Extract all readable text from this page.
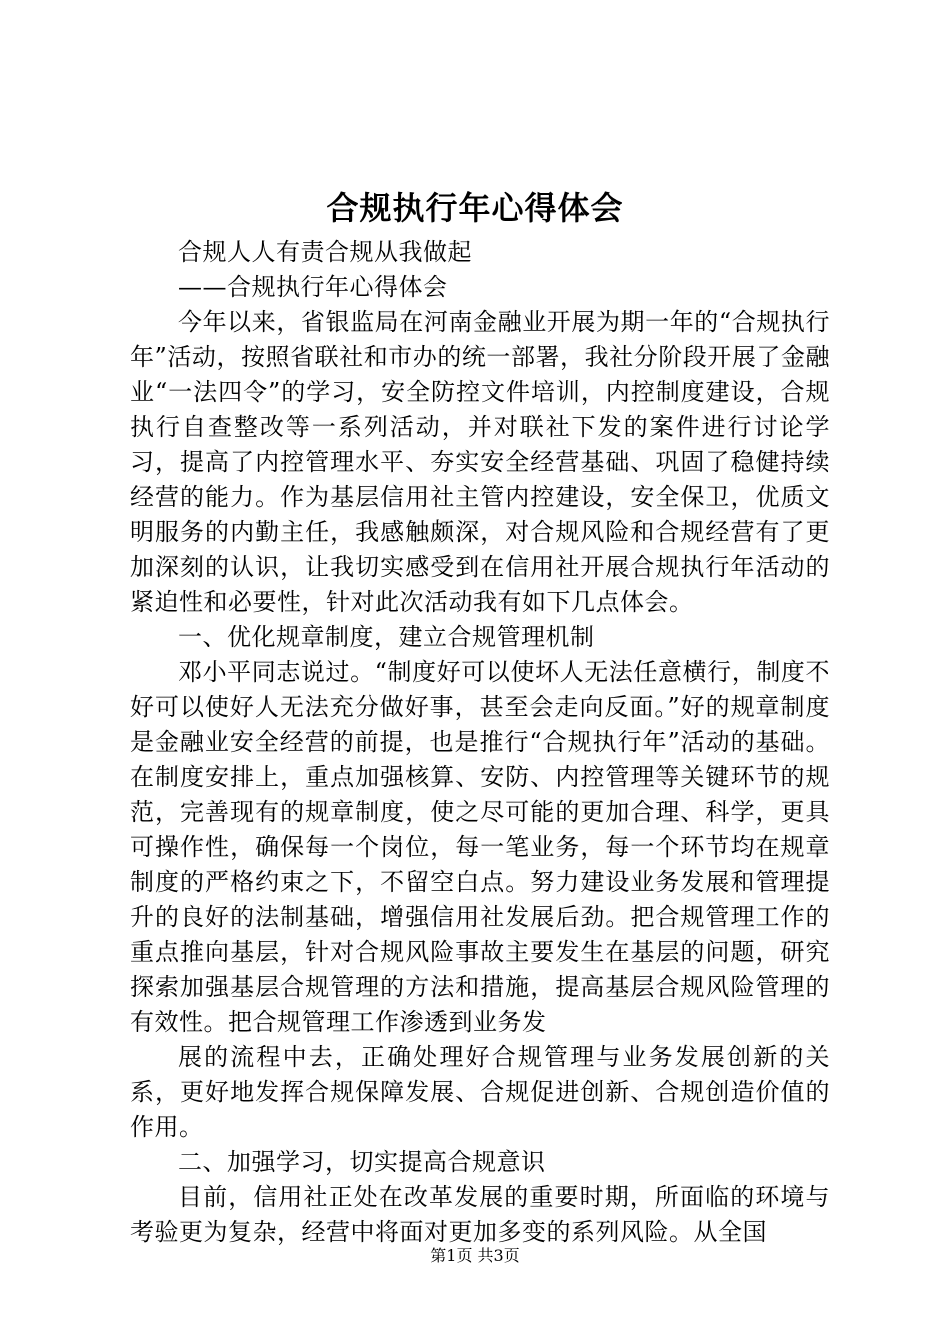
合规执行年心得体会

合规人人有责合规从我做起

——合规执行年心得体会

今年以来，省银监局在河南金融业开展为期一年的“合规执行年”活动，按照省联社和市办的统一部署，我社分阶段开展了金融业“一法四令”的学习，安全防控文件培训，内控制度建设，合规执行自查整改等一系列活动，并对联社下发的案件进行讨论学习，提高了内控管理水平、夯实安全经营基础、巩固了稳健持续经营的能力。作为基层信用社主管内控建设，安全保卫，优质文明服务的内勤主任，我感触颇深，对合规风险和合规经营有了更加深刻的认识，让我切实感受到在信用社开展合规执行年活动的紧迫性和必要性，针对此次活动我有如下几点体会。

一、优化规章制度，建立合规管理机制

邓小平同志说过。“制度好可以使坏人无法任意横行，制度不好可以使好人无法充分做好事，甚至会走向反面。”好的规章制度是金融业安全经营的前提，也是推行“合规执行年”活动的基础。在制度安排上，重点加强核算、安防、内控管理等关键环节的规范，完善现有的规章制度，使之尽可能的更加合理、科学，更具可操作性，确保每一个岗位，每一笔业务，每一个环节均在规章制度的严格约束之下，不留空白点。努力建设业务发展和管理提升的良好的法制基础，增强信用社发展后劲。把合规管理工作的重点推向基层，针对合规风险事故主要发生在基层的问题，研究探索加强基层合规管理的方法和措施，提高基层合规风险管理的有效性。把合规管理工作渗透到业务发

展的流程中去，正确处理好合规管理与业务发展创新的关系，更好地发挥合规保障发展、合规促进创新、合规创造价值的作用。

二、加强学习，切实提高合规意识

目前，信用社正处在改革发展的重要时期，所面临的环境与考验更为复杂，经营中将面对更加多变的系列风险。从全国

第1页 共3页
